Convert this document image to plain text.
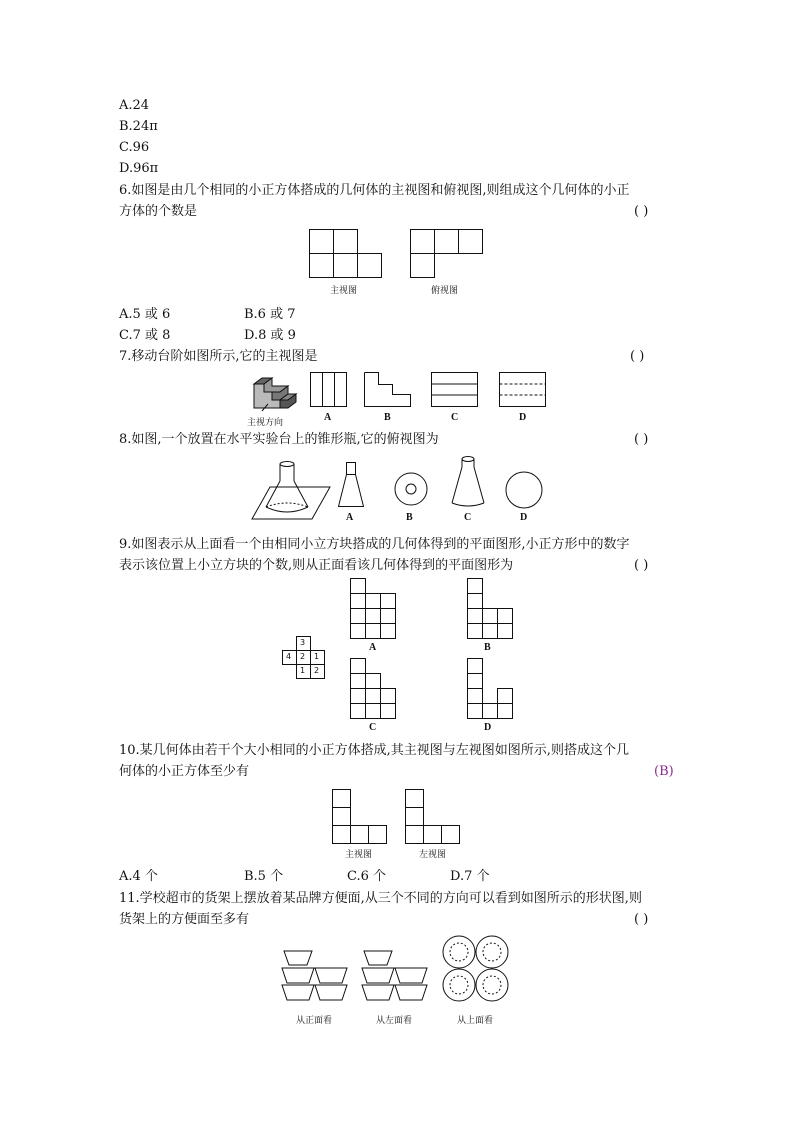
A.24
B.24π
C.96
D.96π
6.如图是由几个相同的小正方体搭成的几何体的主视图和俯视图,则组成这个几何体的小正
方体的个数是	( )
主视图	俯视图
A.5 或 6	B.6 或 7
C.7 或 8	D.8 或 9
7.移动台阶如图所示,它的主视图是	( )
主视方向	A	B	C	D
8.如图,一个放置在水平实验台上的锥形瓶,它的俯视图为	( )
A	B	C	D
9.如图表示从上面看一个由相同小立方块搭成的几何体得到的平面图形,小正方形中的数字
表示该位置上小立方块的个数,则从正面看该几何体得到的平面图形为	( )
3
4 2 1
1 2
A	B
C	D
10.某几何体由若干个大小相同的小正方体搭成,其主视图与左视图如图所示,则搭成这个几
何体的小正方体至少有	(B)
主视图	左视图
A.4 个	B.5 个	C.6 个	D.7 个
11.学校超市的货架上摆放着某品牌方便面,从三个不同的方向可以看到如图所示的形状图,则
货架上的方便面至多有	( )
从正面看	从左面看	从上面看
